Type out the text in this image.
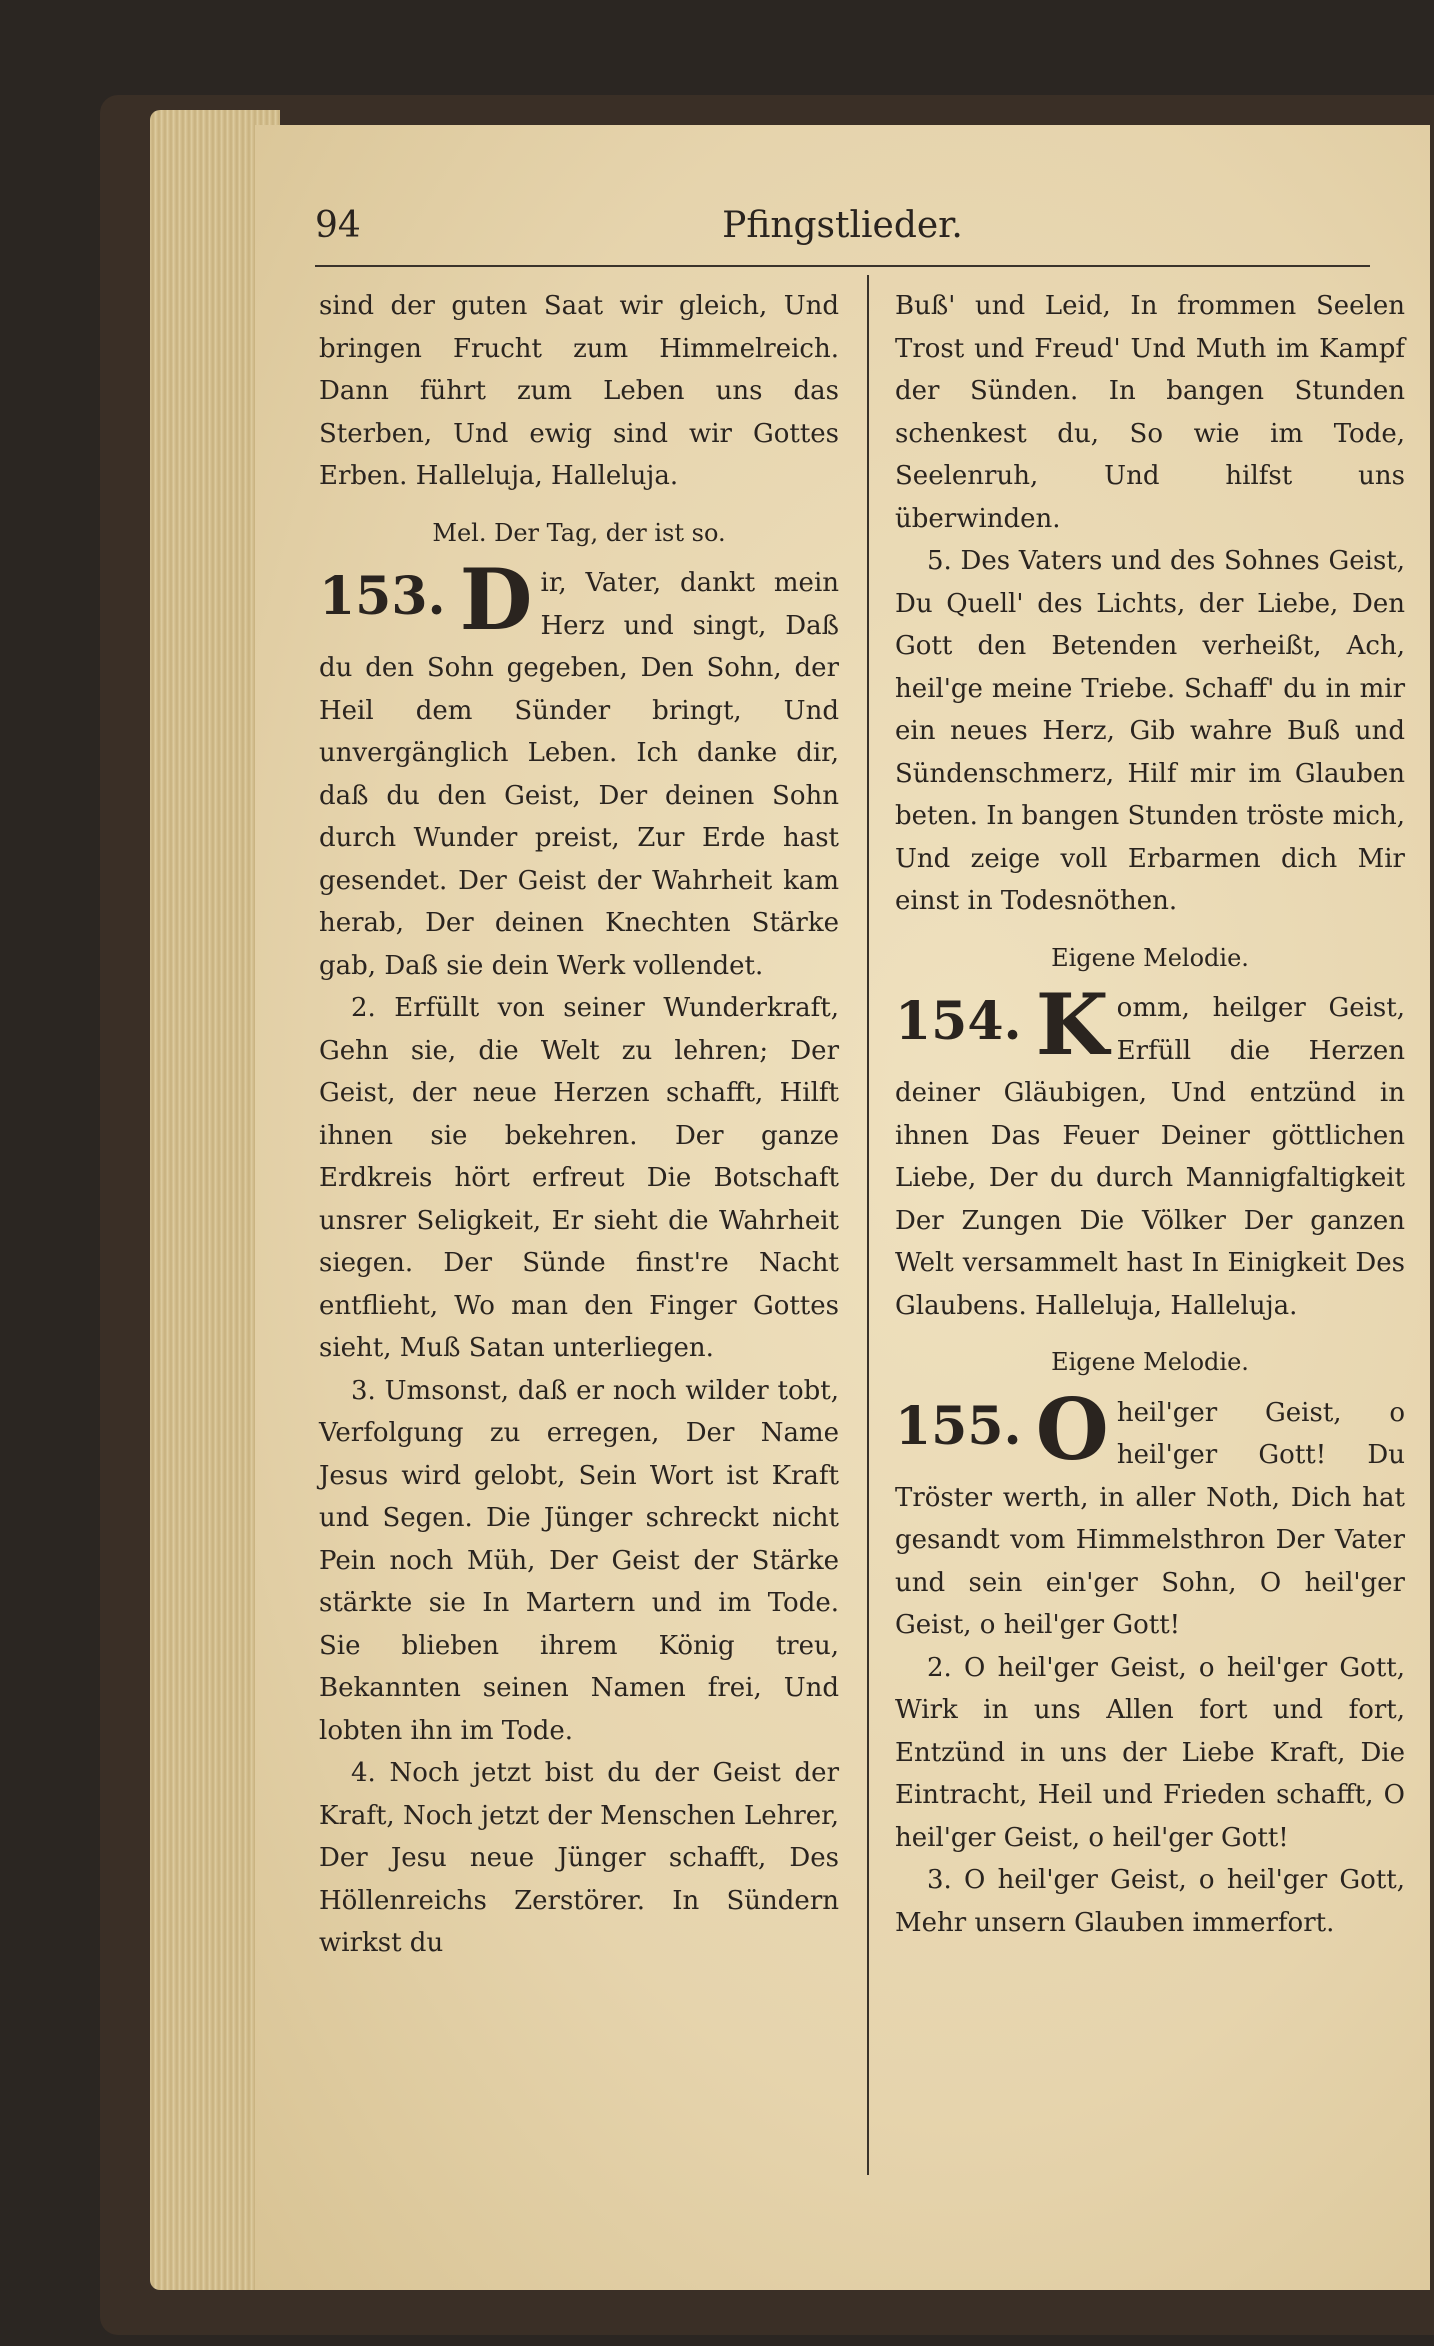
Pfingstlieder.
94

sind der guten Saat wir gleich, Und bringen Frucht zum Himmelreich. Dann führt zum Leben uns das Sterben, Und ewig sind wir Gottes Erben. Halleluja, Halleluja.

Mel. Der Tag, der ist so.
153. D ir, Vater, dankt mein Herz und singt, Daß du den Sohn gegeben, Den Sohn, der Heil dem Sünder bringt, Und unvergänglich Leben. Ich danke dir, daß du den Geist, Der deinen Sohn durch Wunder preist, Zur Erde hast gesendet. Der Geist der Wahrheit kam herab, Der deinen Knechten Stärke gab, Daß sie dein Werk vollendet.

2. Erfüllt von seiner Wunderkraft, Gehn sie, die Welt zu lehren; Der Geist, der neue Herzen schafft, Hilft ihnen sie bekehren. Der ganze Erdkreis hört erfreut Die Botschaft unsrer Seligkeit, Er sieht die Wahrheit siegen. Der Sünde finst're Nacht entflieht, Wo man den Finger Gottes sieht, Muß Satan unterliegen.

3. Umsonst, daß er noch wilder tobt, Verfolgung zu erregen, Der Name Jesus wird gelobt, Sein Wort ist Kraft und Segen. Die Jünger schreckt nicht Pein noch Müh, Der Geist der Stärke stärkte sie In Martern und im Tode. Sie blieben ihrem König treu, Bekannten seinen Namen frei, Und lobten ihn im Tode.

4. Noch jetzt bist du der Geist der Kraft, Noch jetzt der Menschen Lehrer, Der Jesu neue Jünger schafft, Des Höllenreichs Zerstörer. In Sündern wirkst du

Buß' und Leid, In frommen Seelen Trost und Freud' Und Muth im Kampf der Sünden. In bangen Stunden schenkest du, So wie im Tode, Seelenruh, Und hilfst uns überwinden.

5. Des Vaters und des Sohnes Geist, Du Quell' des Lichts, der Liebe, Den Gott den Betenden verheißt, Ach, heil'ge meine Triebe. Schaff' du in mir ein neues Herz, Gib wahre Buß und Sündenschmerz, Hilf mir im Glauben beten. In bangen Stunden tröste mich, Und zeige voll Erbarmen dich Mir einst in Todesnöthen.

Eigene Melodie.
154. K omm, heilger Geist, Erfüll die Herzen deiner Gläubigen, Und entzünd in ihnen Das Feuer Deiner göttlichen Liebe, Der du durch Mannigfaltigkeit Der Zungen Die Völker Der ganzen Welt versammelt hast In Einigkeit Des Glaubens. Halleluja, Halleluja.
Eigene Melodie.
155. O heil'ger Geist, o heil'ger Gott! Du Tröster werth, in aller Noth, Dich hat gesandt vom Himmelsthron Der Vater und sein ein'ger Sohn, O heil'ger Geist, o heil'ger Gott!

2. O heil'ger Geist, o heil'ger Gott, Wirk in uns Allen fort und fort, Entzünd in uns der Liebe Kraft, Die Eintracht, Heil und Frieden schafft, O heil'ger Geist, o heil'ger Gott!

3. O heil'ger Geist, o heil'ger Gott, Mehr unsern Glauben immerfort.
